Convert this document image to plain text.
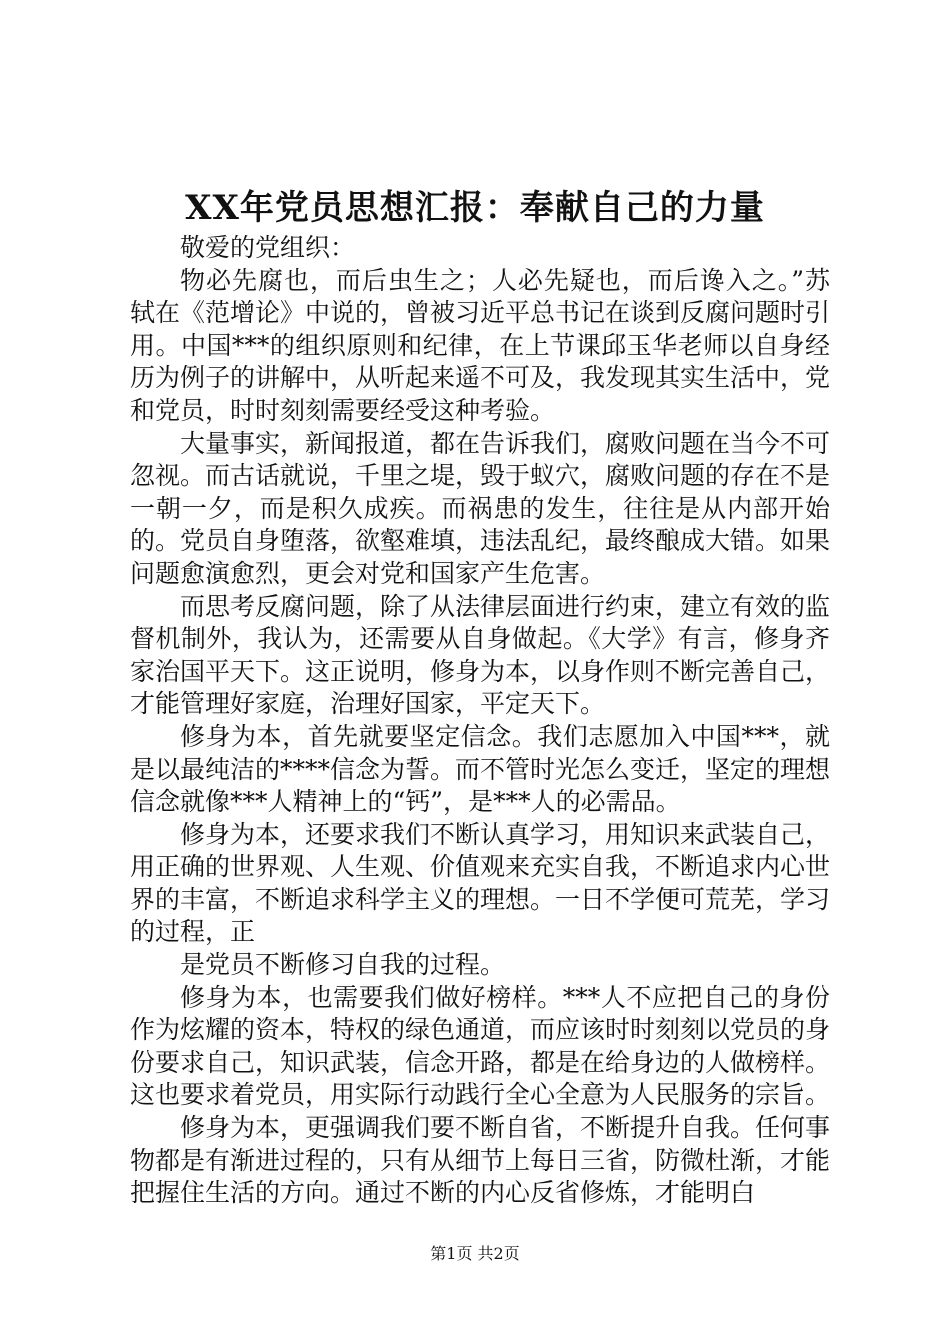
XX年党员思想汇报：奉献自己的力量

敬爱的党组织：

物必先腐也，而后虫生之；人必先疑也，而后谗入之。”苏轼在《范增论》中说的，曾被习近平总书记在谈到反腐问题时引用。中国***的组织原则和纪律，在上节课邱玉华老师以自身经历为例子的讲解中，从听起来遥不可及，我发现其实生活中，党和党员，时时刻刻需要经受这种考验。

大量事实，新闻报道，都在告诉我们，腐败问题在当今不可忽视。而古话就说，千里之堤，毁于蚁穴，腐败问题的存在不是一朝一夕，而是积久成疾。而祸患的发生，往往是从内部开始的。党员自身堕落，欲壑难填，违法乱纪，最终酿成大错。如果问题愈演愈烈，更会对党和国家产生危害。

而思考反腐问题，除了从法律层面进行约束，建立有效的监督机制外，我认为，还需要从自身做起。《大学》有言，修身齐家治国平天下。这正说明，修身为本，以身作则不断完善自己，才能管理好家庭，治理好国家，平定天下。

修身为本，首先就要坚定信念。我们志愿加入中国***，就是以最纯洁的****信念为誓。而不管时光怎么变迁，坚定的理想信念就像***人精神上的“钙”，是***人的必需品。

修身为本，还要求我们不断认真学习，用知识来武装自己，用正确的世界观、人生观、价值观来充实自我，不断追求内心世界的丰富，不断追求科学主义的理想。一日不学便可荒芜，学习的过程，正

是党员不断修习自我的过程。

修身为本，也需要我们做好榜样。***人不应把自己的身份作为炫耀的资本，特权的绿色通道，而应该时时刻刻以党员的身份要求自己，知识武装，信念开路，都是在给身边的人做榜样。这也要求着党员，用实际行动践行全心全意为人民服务的宗旨。

修身为本，更强调我们要不断自省，不断提升自我。任何事物都是有渐进过程的，只有从细节上每日三省，防微杜渐，才能把握住生活的方向。通过不断的内心反省修炼，才能明白

第1页 共2页
